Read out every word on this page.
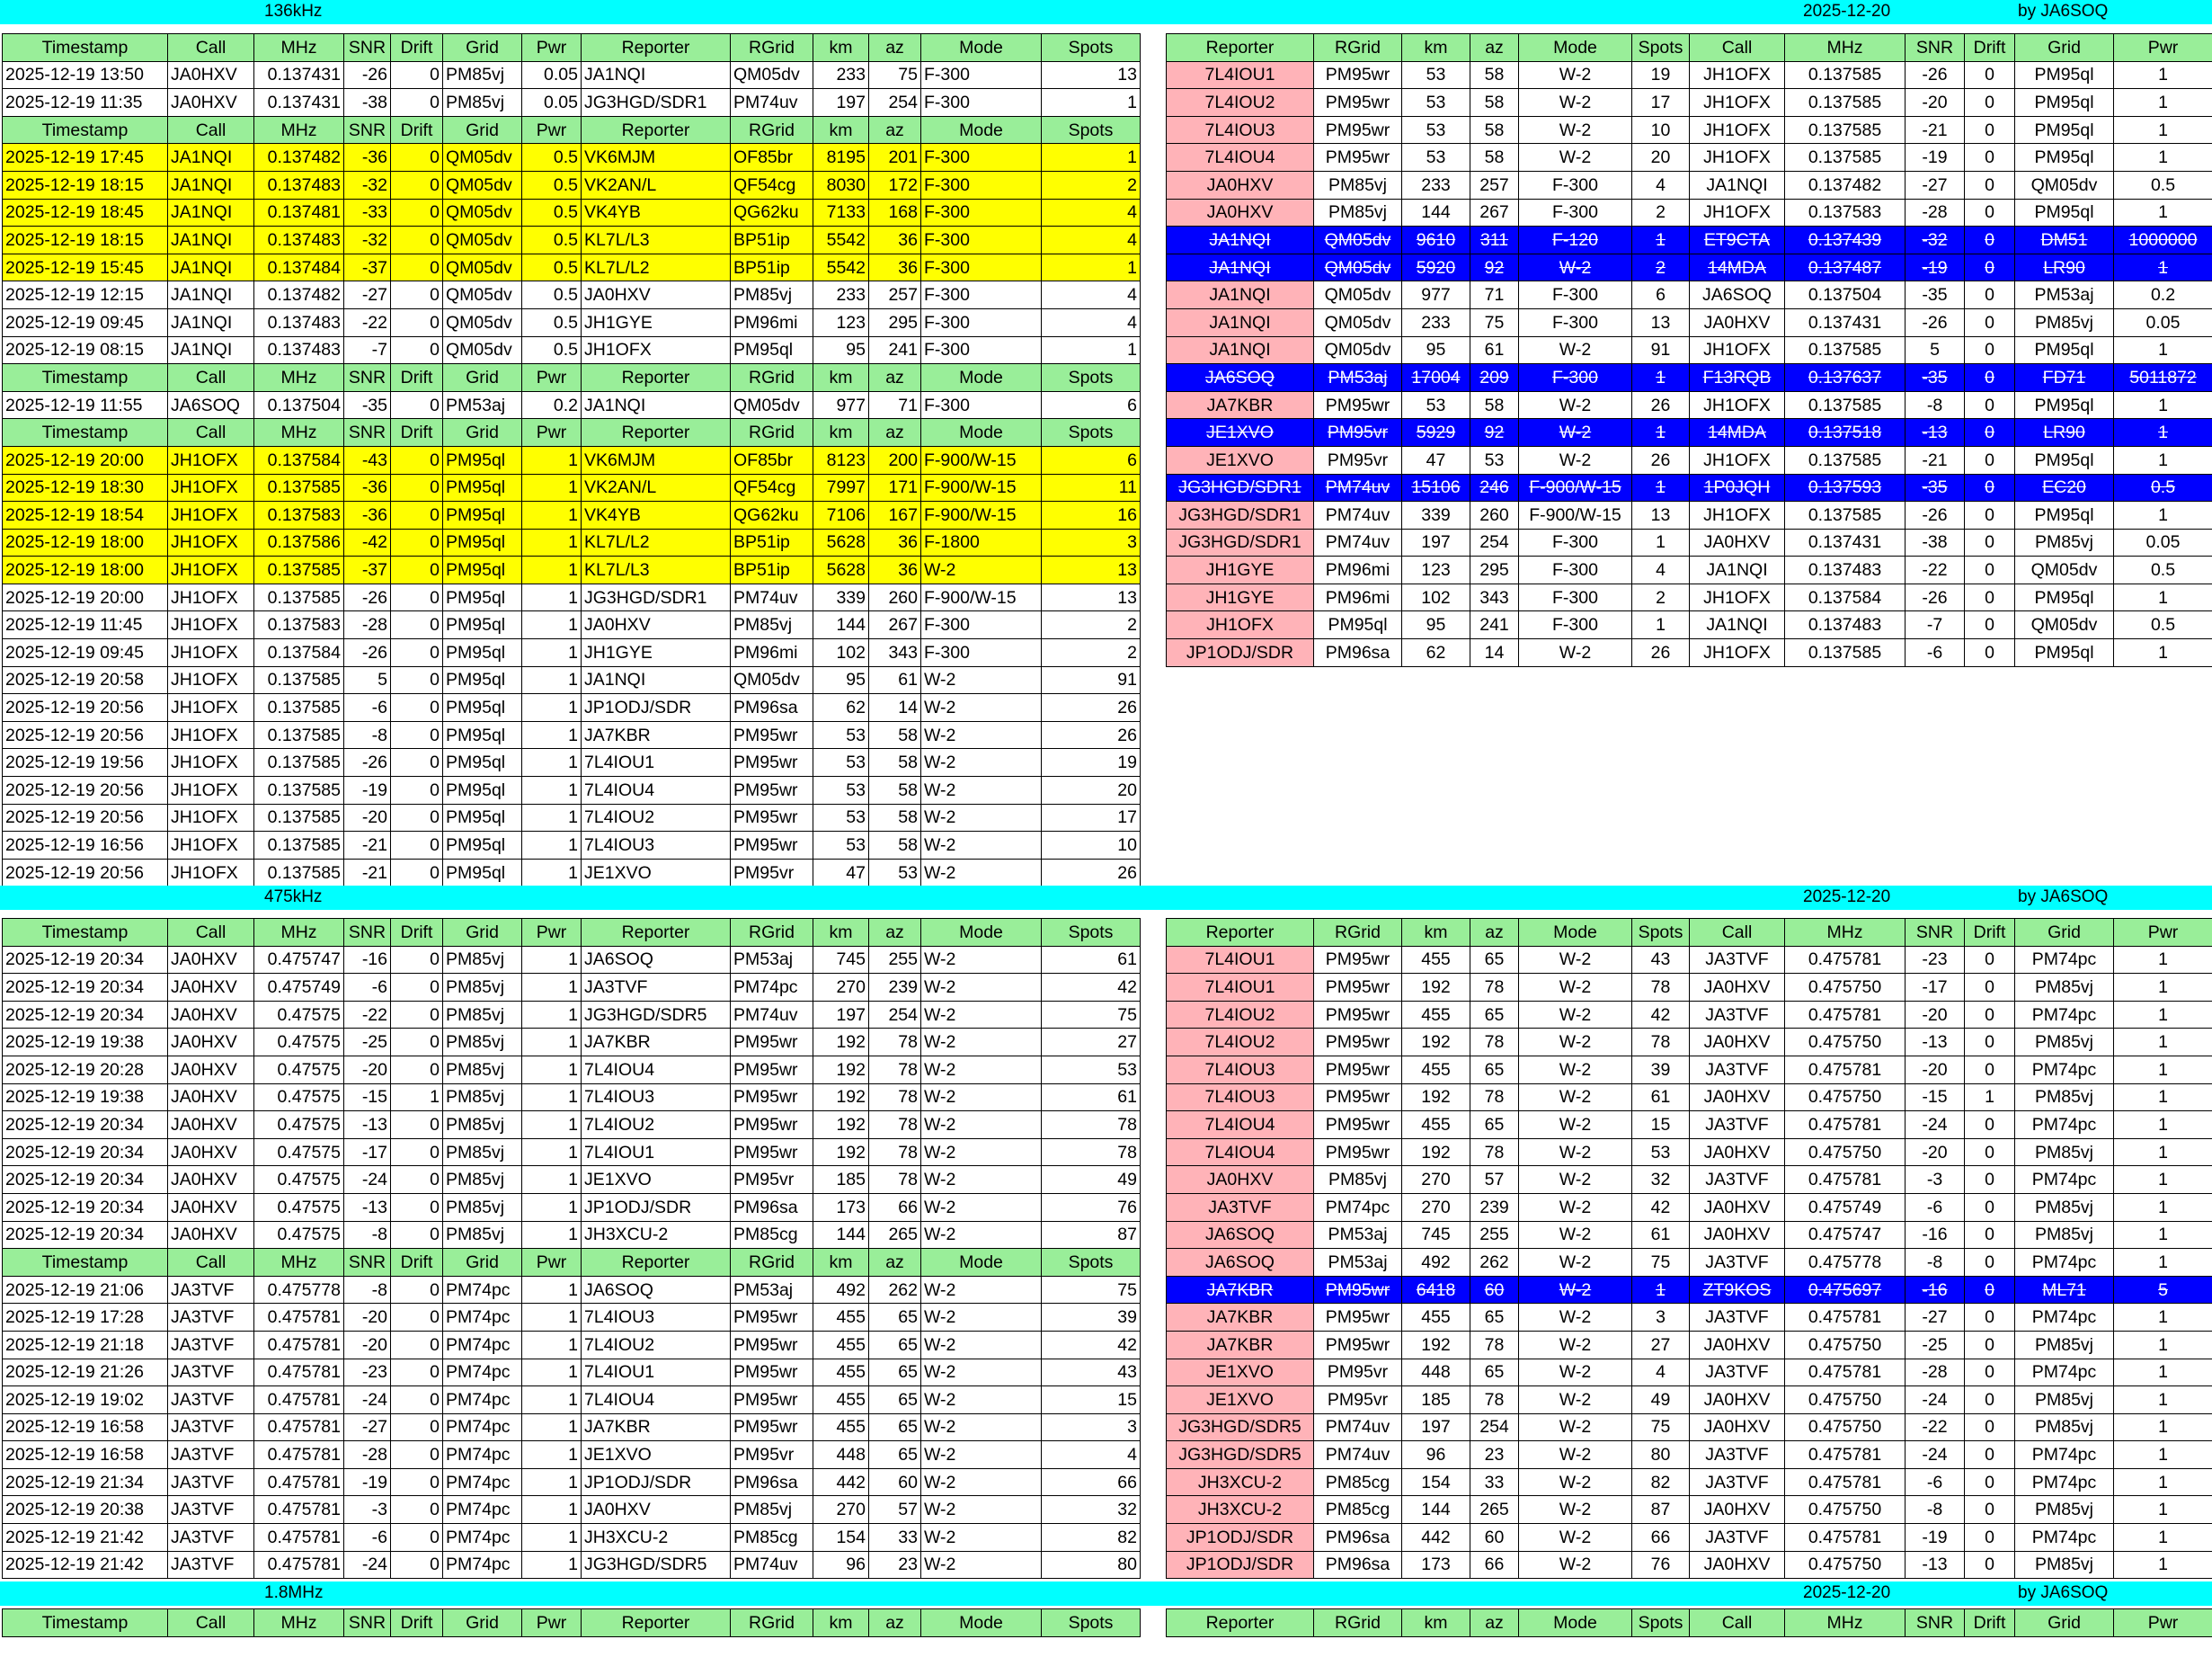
136kHz	2025-12-20	by JA6SOQ
Timestamp	Call	MHz	SNR	Drift	Grid	Pwr	Reporter	RGrid	km	az	Mode	Spots
2025-12-19 13:50	JA0HXV	0.137431	-26	0	PM85vj	0.05	JA1NQI	QM05dv	233	75	F-300	13
2025-12-19 11:35	JA0HXV	0.137431	-38	0	PM85vj	0.05	JG3HGD/SDR1	PM74uv	197	254	F-300	1
Timestamp	Call	MHz	SNR	Drift	Grid	Pwr	Reporter	RGrid	km	az	Mode	Spots
2025-12-19 17:45	JA1NQI	0.137482	-36	0	QM05dv	0.5	VK6MJM	OF85br	8195	201	F-300	1
2025-12-19 18:15	JA1NQI	0.137483	-32	0	QM05dv	0.5	VK2AN/L	QF54cg	8030	172	F-300	2
2025-12-19 18:45	JA1NQI	0.137481	-33	0	QM05dv	0.5	VK4YB	QG62ku	7133	168	F-300	4
2025-12-19 18:15	JA1NQI	0.137483	-32	0	QM05dv	0.5	KL7L/L3	BP51ip	5542	36	F-300	4
2025-12-19 15:45	JA1NQI	0.137484	-37	0	QM05dv	0.5	KL7L/L2	BP51ip	5542	36	F-300	1
2025-12-19 12:15	JA1NQI	0.137482	-27	0	QM05dv	0.5	JA0HXV	PM85vj	233	257	F-300	4
2025-12-19 09:45	JA1NQI	0.137483	-22	0	QM05dv	0.5	JH1GYE	PM96mi	123	295	F-300	4
2025-12-19 08:15	JA1NQI	0.137483	-7	0	QM05dv	0.5	JH1OFX	PM95ql	95	241	F-300	1
Timestamp	Call	MHz	SNR	Drift	Grid	Pwr	Reporter	RGrid	km	az	Mode	Spots
2025-12-19 11:55	JA6SOQ	0.137504	-35	0	PM53aj	0.2	JA1NQI	QM05dv	977	71	F-300	6
Timestamp	Call	MHz	SNR	Drift	Grid	Pwr	Reporter	RGrid	km	az	Mode	Spots
2025-12-19 20:00	JH1OFX	0.137584	-43	0	PM95ql	1	VK6MJM	OF85br	8123	200	F-900/W-15	6
2025-12-19 18:30	JH1OFX	0.137585	-36	0	PM95ql	1	VK2AN/L	QF54cg	7997	171	F-900/W-15	11
2025-12-19 18:54	JH1OFX	0.137583	-36	0	PM95ql	1	VK4YB	QG62ku	7106	167	F-900/W-15	16
2025-12-19 18:00	JH1OFX	0.137586	-42	0	PM95ql	1	KL7L/L2	BP51ip	5628	36	F-1800	3
2025-12-19 18:00	JH1OFX	0.137585	-37	0	PM95ql	1	KL7L/L3	BP51ip	5628	36	W-2	13
2025-12-19 20:00	JH1OFX	0.137585	-26	0	PM95ql	1	JG3HGD/SDR1	PM74uv	339	260	F-900/W-15	13
2025-12-19 11:45	JH1OFX	0.137583	-28	0	PM95ql	1	JA0HXV	PM85vj	144	267	F-300	2
2025-12-19 09:45	JH1OFX	0.137584	-26	0	PM95ql	1	JH1GYE	PM96mi	102	343	F-300	2
2025-12-19 20:58	JH1OFX	0.137585	5	0	PM95ql	1	JA1NQI	QM05dv	95	61	W-2	91
2025-12-19 20:56	JH1OFX	0.137585	-6	0	PM95ql	1	JP1ODJ/SDR	PM96sa	62	14	W-2	26
2025-12-19 20:56	JH1OFX	0.137585	-8	0	PM95ql	1	JA7KBR	PM95wr	53	58	W-2	26
2025-12-19 19:56	JH1OFX	0.137585	-26	0	PM95ql	1	7L4IOU1	PM95wr	53	58	W-2	19
2025-12-19 20:56	JH1OFX	0.137585	-19	0	PM95ql	1	7L4IOU4	PM95wr	53	58	W-2	20
2025-12-19 20:56	JH1OFX	0.137585	-20	0	PM95ql	1	7L4IOU2	PM95wr	53	58	W-2	17
2025-12-19 16:56	JH1OFX	0.137585	-21	0	PM95ql	1	7L4IOU3	PM95wr	53	58	W-2	10
2025-12-19 20:56	JH1OFX	0.137585	-21	0	PM95ql	1	JE1XVO	PM95vr	47	53	W-2	26
Reporter	RGrid	km	az	Mode	Spots	Call	MHz	SNR	Drift	Grid	Pwr
7L4IOU1	PM95wr	53	58	W-2	19	JH1OFX	0.137585	-26	0	PM95ql	1
7L4IOU2	PM95wr	53	58	W-2	17	JH1OFX	0.137585	-20	0	PM95ql	1
7L4IOU3	PM95wr	53	58	W-2	10	JH1OFX	0.137585	-21	0	PM95ql	1
7L4IOU4	PM95wr	53	58	W-2	20	JH1OFX	0.137585	-19	0	PM95ql	1
JA0HXV	PM85vj	233	257	F-300	4	JA1NQI	0.137482	-27	0	QM05dv	0.5
JA0HXV	PM85vj	144	267	F-300	2	JH1OFX	0.137583	-28	0	PM95ql	1
JA1NQI	QM05dv	9610	311	F-120	1	ET9CTA	0.137439	-32	0	DM51	1000000
JA1NQI	QM05dv	5920	92	W-2	2	14MDA	0.137487	-19	0	LR90	1
JA1NQI	QM05dv	977	71	F-300	6	JA6SOQ	0.137504	-35	0	PM53aj	0.2
JA1NQI	QM05dv	233	75	F-300	13	JA0HXV	0.137431	-26	0	PM85vj	0.05
JA1NQI	QM05dv	95	61	W-2	91	JH1OFX	0.137585	5	0	PM95ql	1
JA6SOQ	PM53aj	17004	209	F-300	1	F13RQB	0.137637	-35	0	FD71	5011872
JA7KBR	PM95wr	53	58	W-2	26	JH1OFX	0.137585	-8	0	PM95ql	1
JE1XVO	PM95vr	5929	92	W-2	1	14MDA	0.137518	-13	0	LR90	1
JE1XVO	PM95vr	47	53	W-2	26	JH1OFX	0.137585	-21	0	PM95ql	1
JG3HGD/SDR1	PM74uv	15106	246	F-900/W-15	1	1P0JQH	0.137593	-35	0	EC20	0.5
JG3HGD/SDR1	PM74uv	339	260	F-900/W-15	13	JH1OFX	0.137585	-26	0	PM95ql	1
JG3HGD/SDR1	PM74uv	197	254	F-300	1	JA0HXV	0.137431	-38	0	PM85vj	0.05
JH1GYE	PM96mi	123	295	F-300	4	JA1NQI	0.137483	-22	0	QM05dv	0.5
JH1GYE	PM96mi	102	343	F-300	2	JH1OFX	0.137584	-26	0	PM95ql	1
JH1OFX	PM95ql	95	241	F-300	1	JA1NQI	0.137483	-7	0	QM05dv	0.5
JP1ODJ/SDR	PM96sa	62	14	W-2	26	JH1OFX	0.137585	-6	0	PM95ql	1
475kHz	2025-12-20	by JA6SOQ
Timestamp	Call	MHz	SNR	Drift	Grid	Pwr	Reporter	RGrid	km	az	Mode	Spots
2025-12-19 20:34	JA0HXV	0.475747	-16	0	PM85vj	1	JA6SOQ	PM53aj	745	255	W-2	61
2025-12-19 20:34	JA0HXV	0.475749	-6	0	PM85vj	1	JA3TVF	PM74pc	270	239	W-2	42
2025-12-19 20:34	JA0HXV	0.47575	-22	0	PM85vj	1	JG3HGD/SDR5	PM74uv	197	254	W-2	75
2025-12-19 19:38	JA0HXV	0.47575	-25	0	PM85vj	1	JA7KBR	PM95wr	192	78	W-2	27
2025-12-19 20:28	JA0HXV	0.47575	-20	0	PM85vj	1	7L4IOU4	PM95wr	192	78	W-2	53
2025-12-19 19:38	JA0HXV	0.47575	-15	1	PM85vj	1	7L4IOU3	PM95wr	192	78	W-2	61
2025-12-19 20:34	JA0HXV	0.47575	-13	0	PM85vj	1	7L4IOU2	PM95wr	192	78	W-2	78
2025-12-19 20:34	JA0HXV	0.47575	-17	0	PM85vj	1	7L4IOU1	PM95wr	192	78	W-2	78
2025-12-19 20:34	JA0HXV	0.47575	-24	0	PM85vj	1	JE1XVO	PM95vr	185	78	W-2	49
2025-12-19 20:34	JA0HXV	0.47575	-13	0	PM85vj	1	JP1ODJ/SDR	PM96sa	173	66	W-2	76
2025-12-19 20:34	JA0HXV	0.47575	-8	0	PM85vj	1	JH3XCU-2	PM85cg	144	265	W-2	87
Timestamp	Call	MHz	SNR	Drift	Grid	Pwr	Reporter	RGrid	km	az	Mode	Spots
2025-12-19 21:06	JA3TVF	0.475778	-8	0	PM74pc	1	JA6SOQ	PM53aj	492	262	W-2	75
2025-12-19 17:28	JA3TVF	0.475781	-20	0	PM74pc	1	7L4IOU3	PM95wr	455	65	W-2	39
2025-12-19 21:18	JA3TVF	0.475781	-20	0	PM74pc	1	7L4IOU2	PM95wr	455	65	W-2	42
2025-12-19 21:26	JA3TVF	0.475781	-23	0	PM74pc	1	7L4IOU1	PM95wr	455	65	W-2	43
2025-12-19 19:02	JA3TVF	0.475781	-24	0	PM74pc	1	7L4IOU4	PM95wr	455	65	W-2	15
2025-12-19 16:58	JA3TVF	0.475781	-27	0	PM74pc	1	JA7KBR	PM95wr	455	65	W-2	3
2025-12-19 16:58	JA3TVF	0.475781	-28	0	PM74pc	1	JE1XVO	PM95vr	448	65	W-2	4
2025-12-19 21:34	JA3TVF	0.475781	-19	0	PM74pc	1	JP1ODJ/SDR	PM96sa	442	60	W-2	66
2025-12-19 20:38	JA3TVF	0.475781	-3	0	PM74pc	1	JA0HXV	PM85vj	270	57	W-2	32
2025-12-19 21:42	JA3TVF	0.475781	-6	0	PM74pc	1	JH3XCU-2	PM85cg	154	33	W-2	82
2025-12-19 21:42	JA3TVF	0.475781	-24	0	PM74pc	1	JG3HGD/SDR5	PM74uv	96	23	W-2	80
Reporter	RGrid	km	az	Mode	Spots	Call	MHz	SNR	Drift	Grid	Pwr
7L4IOU1	PM95wr	455	65	W-2	43	JA3TVF	0.475781	-23	0	PM74pc	1
7L4IOU1	PM95wr	192	78	W-2	78	JA0HXV	0.475750	-17	0	PM85vj	1
7L4IOU2	PM95wr	455	65	W-2	42	JA3TVF	0.475781	-20	0	PM74pc	1
7L4IOU2	PM95wr	192	78	W-2	78	JA0HXV	0.475750	-13	0	PM85vj	1
7L4IOU3	PM95wr	455	65	W-2	39	JA3TVF	0.475781	-20	0	PM74pc	1
7L4IOU3	PM95wr	192	78	W-2	61	JA0HXV	0.475750	-15	1	PM85vj	1
7L4IOU4	PM95wr	455	65	W-2	15	JA3TVF	0.475781	-24	0	PM74pc	1
7L4IOU4	PM95wr	192	78	W-2	53	JA0HXV	0.475750	-20	0	PM85vj	1
JA0HXV	PM85vj	270	57	W-2	32	JA3TVF	0.475781	-3	0	PM74pc	1
JA3TVF	PM74pc	270	239	W-2	42	JA0HXV	0.475749	-6	0	PM85vj	1
JA6SOQ	PM53aj	745	255	W-2	61	JA0HXV	0.475747	-16	0	PM85vj	1
JA6SOQ	PM53aj	492	262	W-2	75	JA3TVF	0.475778	-8	0	PM74pc	1
JA7KBR	PM95wr	6418	60	W-2	1	ZT9KOS	0.475697	-16	0	ML71	5
JA7KBR	PM95wr	455	65	W-2	3	JA3TVF	0.475781	-27	0	PM74pc	1
JA7KBR	PM95wr	192	78	W-2	27	JA0HXV	0.475750	-25	0	PM85vj	1
JE1XVO	PM95vr	448	65	W-2	4	JA3TVF	0.475781	-28	0	PM74pc	1
JE1XVO	PM95vr	185	78	W-2	49	JA0HXV	0.475750	-24	0	PM85vj	1
JG3HGD/SDR5	PM74uv	197	254	W-2	75	JA0HXV	0.475750	-22	0	PM85vj	1
JG3HGD/SDR5	PM74uv	96	23	W-2	80	JA3TVF	0.475781	-24	0	PM74pc	1
JH3XCU-2	PM85cg	154	33	W-2	82	JA3TVF	0.475781	-6	0	PM74pc	1
JH3XCU-2	PM85cg	144	265	W-2	87	JA0HXV	0.475750	-8	0	PM85vj	1
JP1ODJ/SDR	PM96sa	442	60	W-2	66	JA3TVF	0.475781	-19	0	PM74pc	1
JP1ODJ/SDR	PM96sa	173	66	W-2	76	JA0HXV	0.475750	-13	0	PM85vj	1
1.8MHz	2025-12-20	by JA6SOQ
Timestamp	Call	MHz	SNR	Drift	Grid	Pwr	Reporter	RGrid	km	az	Mode	Spots	Reporter	RGrid	km	az	Mode	Spots	Call	MHz	SNR	Drift	Grid	Pwr
